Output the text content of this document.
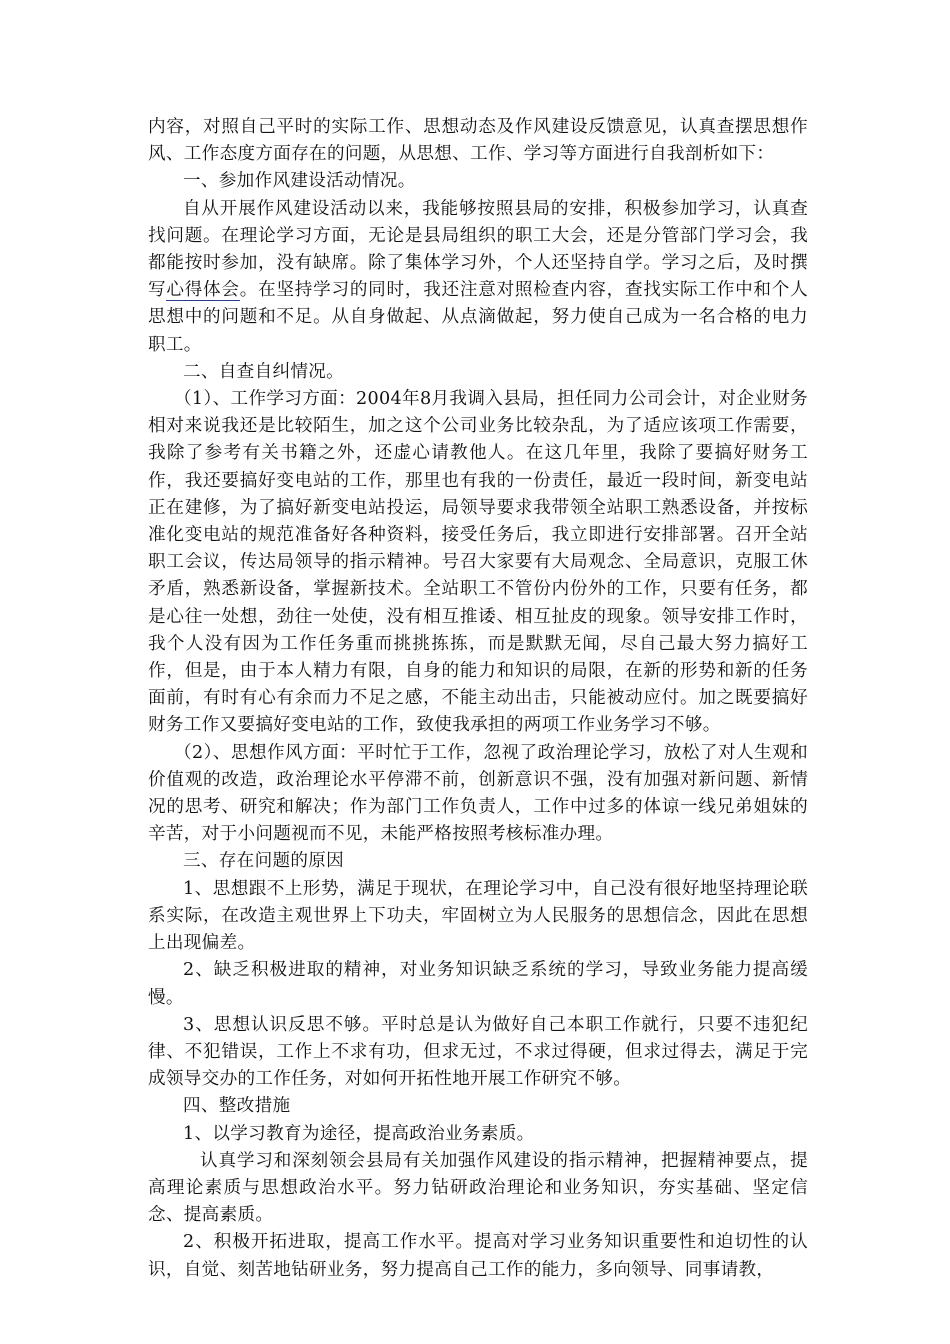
内容，对照自己平时的实际工作、思想动态及作风建设反馈意见，认真查摆思想作风、工作态度方面存在的问题，从思想、工作、学习等方面进行自我剖析如下：

一、参加作风建设活动情况。

自从开展作风建设活动以来，我能够按照县局的安排，积极参加学习，认真查找问题。在理论学习方面，无论是县局组织的职工大会，还是分管部门学习会，我都能按时参加，没有缺席。除了集体学习外，个人还坚持自学。学习之后，及时撰写心得体会。在坚持学习的同时，我还注意对照检查内容，查找实际工作中和个人思想中的问题和不足。从自身做起、从点滴做起，努力使自己成为一名合格的电力职工。

二、自查自纠情况。

（1）、工作学习方面：2004年8月我调入县局，担任同力公司会计，对企业财务相对来说我还是比较陌生，加之这个公司业务比较杂乱，为了适应该项工作需要，我除了参考有关书籍之外，还虚心请教他人。在这几年里，我除了要搞好财务工作，我还要搞好变电站的工作，那里也有我的一份责任，最近一段时间，新变电站正在建修，为了搞好新变电站投运，局领导要求我带领全站职工熟悉设备，并按标准化变电站的规范准备好各种资料，接受任务后，我立即进行安排部署。召开全站职工会议，传达局领导的指示精神。号召大家要有大局观念、全局意识，克服工休矛盾，熟悉新设备，掌握新技术。全站职工不管份内份外的工作，只要有任务，都是心往一处想，劲往一处使，没有相互推诿、相互扯皮的现象。领导安排工作时，我个人没有因为工作任务重而挑挑拣拣，而是默默无闻，尽自己最大努力搞好工作，但是，由于本人精力有限，自身的能力和知识的局限，在新的形势和新的任务面前，有时有心有余而力不足之感，不能主动出击，只能被动应付。加之既要搞好财务工作又要搞好变电站的工作，致使我承担的两项工作业务学习不够。

（2）、思想作风方面：平时忙于工作，忽视了政治理论学习，放松了对人生观和价值观的改造，政治理论水平停滞不前，创新意识不强，没有加强对新问题、新情况的思考、研究和解决；作为部门工作负责人，工作中过多的体谅一线兄弟姐妹的辛苦，对于小问题视而不见，未能严格按照考核标准办理。

三、存在问题的原因

1、思想跟不上形势，满足于现状，在理论学习中，自己没有很好地坚持理论联系实际，在改造主观世界上下功夫，牢固树立为人民服务的思想信念，因此在思想上出现偏差。

2、缺乏积极进取的精神，对业务知识缺乏系统的学习，导致业务能力提高缓慢。

3、思想认识反思不够。平时总是认为做好自己本职工作就行，只要不违犯纪律、不犯错误，工作上不求有功，但求无过，不求过得硬，但求过得去，满足于完成领导交办的工作任务，对如何开拓性地开展工作研究不够。

四、整改措施

1、以学习教育为途径，提高政治业务素质。

认真学习和深刻领会县局有关加强作风建设的指示精神，把握精神要点，提高理论素质与思想政治水平。努力钻研政治理论和业务知识，夯实基础、坚定信念、提高素质。

2、积极开拓进取，提高工作水平。提高对学习业务知识重要性和迫切性的认识，自觉、刻苦地钻研业务，努力提高自己工作的能力，多向领导、同事请教，
